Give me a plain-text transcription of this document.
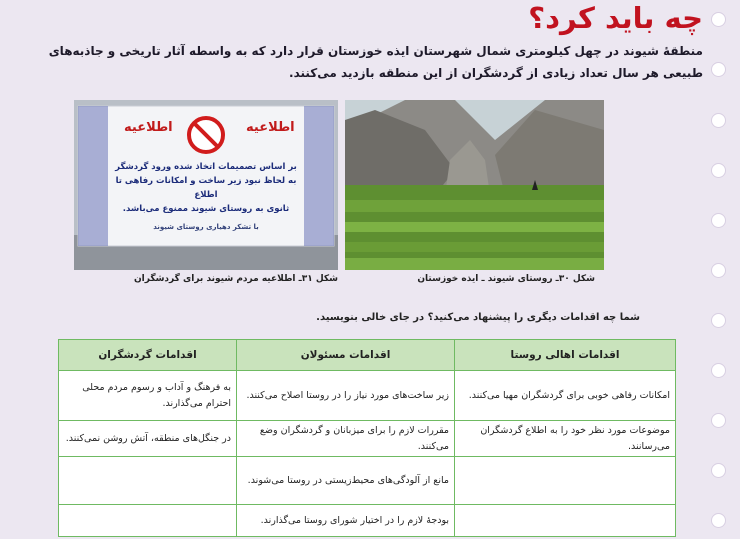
چه باید کرد؟
منطقهٔ شیوند در چهل کیلومتری شمال شهرستان ایذه خوزستان قرار دارد که به واسطه آثار تاریخی و جاذبه‌های طبیعی هر سال تعداد زیادی از گردشگران از این منطقه بازدید می‌کنند.
اطلاعیه
اطلاعیه
بر اساس تصمیمات اتخاذ شده ورود گردشگر
به لحاظ نبود زیر ساخت و امکانات رفاهی تا اطلاع
ثانوی به روستای شیوند ممنوع می‌باشد.
با تشکر دهیاری روستای شیوند
شکل ۳۱ـ اطلاعیه مردم شیوند برای گردشگران	شکل ۳۰ـ روستای شیوند ـ ایذه خوزستان
شما چه اقدامات دیگری را پیشنهاد می‌کنید؟ در جای خالی بنویسید.
اقدامات اهالی روستا	اقدامات مسئولان	اقدامات گردشگران
امکانات رفاهی خوبی برای گردشگران مهیا می‌کنند.	زیر ساخت‌های مورد نیاز را در روستا اصلاح می‌کنند.	به فرهنگ و آداب و رسوم مردم محلی احترام می‌گذارند.
موضوعات مورد نظر خود را به اطلاع گردشگران می‌رسانند.	مقررات لازم را برای میزبانان و گردشگران وضع می‌کنند.	در جنگل‌های منطقه، آتش روشن نمی‌کنند.
	مانع از آلودگی‌های محیط‌زیستی در روستا می‌شوند.	
	بودجهٔ لازم را در اختیار شورای روستا می‌گذارند.	
